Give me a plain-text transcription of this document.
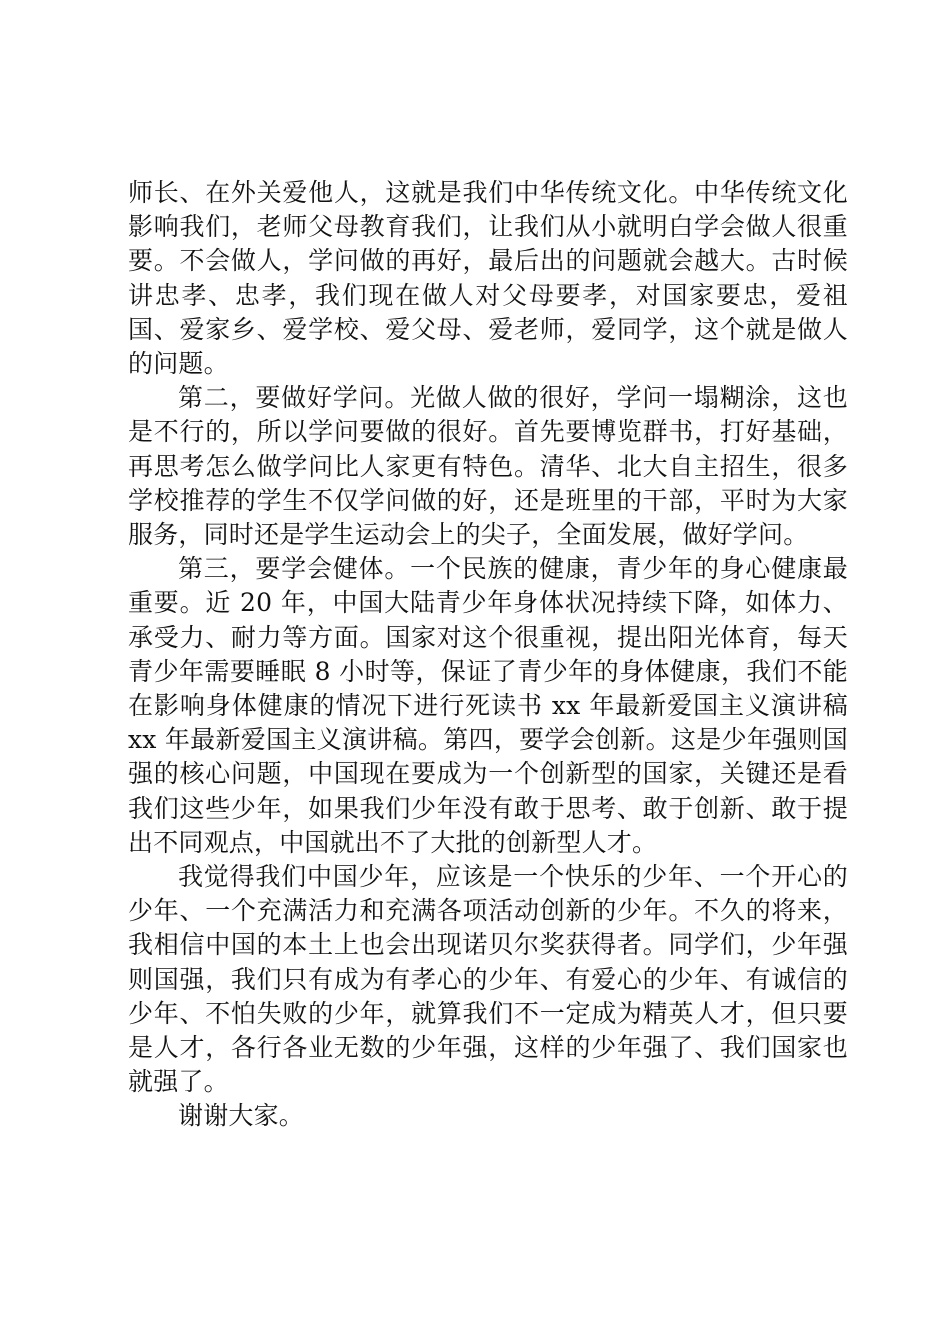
师长、在外关爱他人，这就是我们中华传统文化。中华传统文化影响我们，老师父母教育我们，让我们从小就明白学会做人很重要。不会做人，学问做的再好，最后出的问题就会越大。古时候讲忠孝、忠孝，我们现在做人对父母要孝，对国家要忠，爱祖国、爱家乡、爱学校、爱父母、爱老师，爱同学，这个就是做人的问题。

第二，要做好学问。光做人做的很好，学问一塌糊涂，这也是不行的，所以学问要做的很好。首先要博览群书，打好基础，再思考怎么做学问比人家更有特色。清华、北大自主招生，很多学校推荐的学生不仅学问做的好，还是班里的干部，平时为大家服务，同时还是学生运动会上的尖子，全面发展，做好学问。

第三，要学会健体。一个民族的健康，青少年的身心健康最重要。近 20 年，中国大陆青少年身体状况持续下降，如体力、承受力、耐力等方面。国家对这个很重视，提出阳光体育，每天青少年需要睡眠 8 小时等，保证了青少年的身体健康，我们不能在影响身体健康的情况下进行死读书 xx 年最新爱国主义演讲稿 xx 年最新爱国主义演讲稿。第四，要学会创新。这是少年强则国强的核心问题，中国现在要成为一个创新型的国家，关键还是看我们这些少年，如果我们少年没有敢于思考、敢于创新、敢于提出不同观点，中国就出不了大批的创新型人才。

我觉得我们中国少年，应该是一个快乐的少年、一个开心的少年、一个充满活力和充满各项活动创新的少年。不久的将来，我相信中国的本土上也会出现诺贝尔奖获得者。同学们，少年强则国强，我们只有成为有孝心的少年、有爱心的少年、有诚信的少年、不怕失败的少年，就算我们不一定成为精英人才，但只要是人才，各行各业无数的少年强，这样的少年强了、我们国家也就强了。

谢谢大家。
